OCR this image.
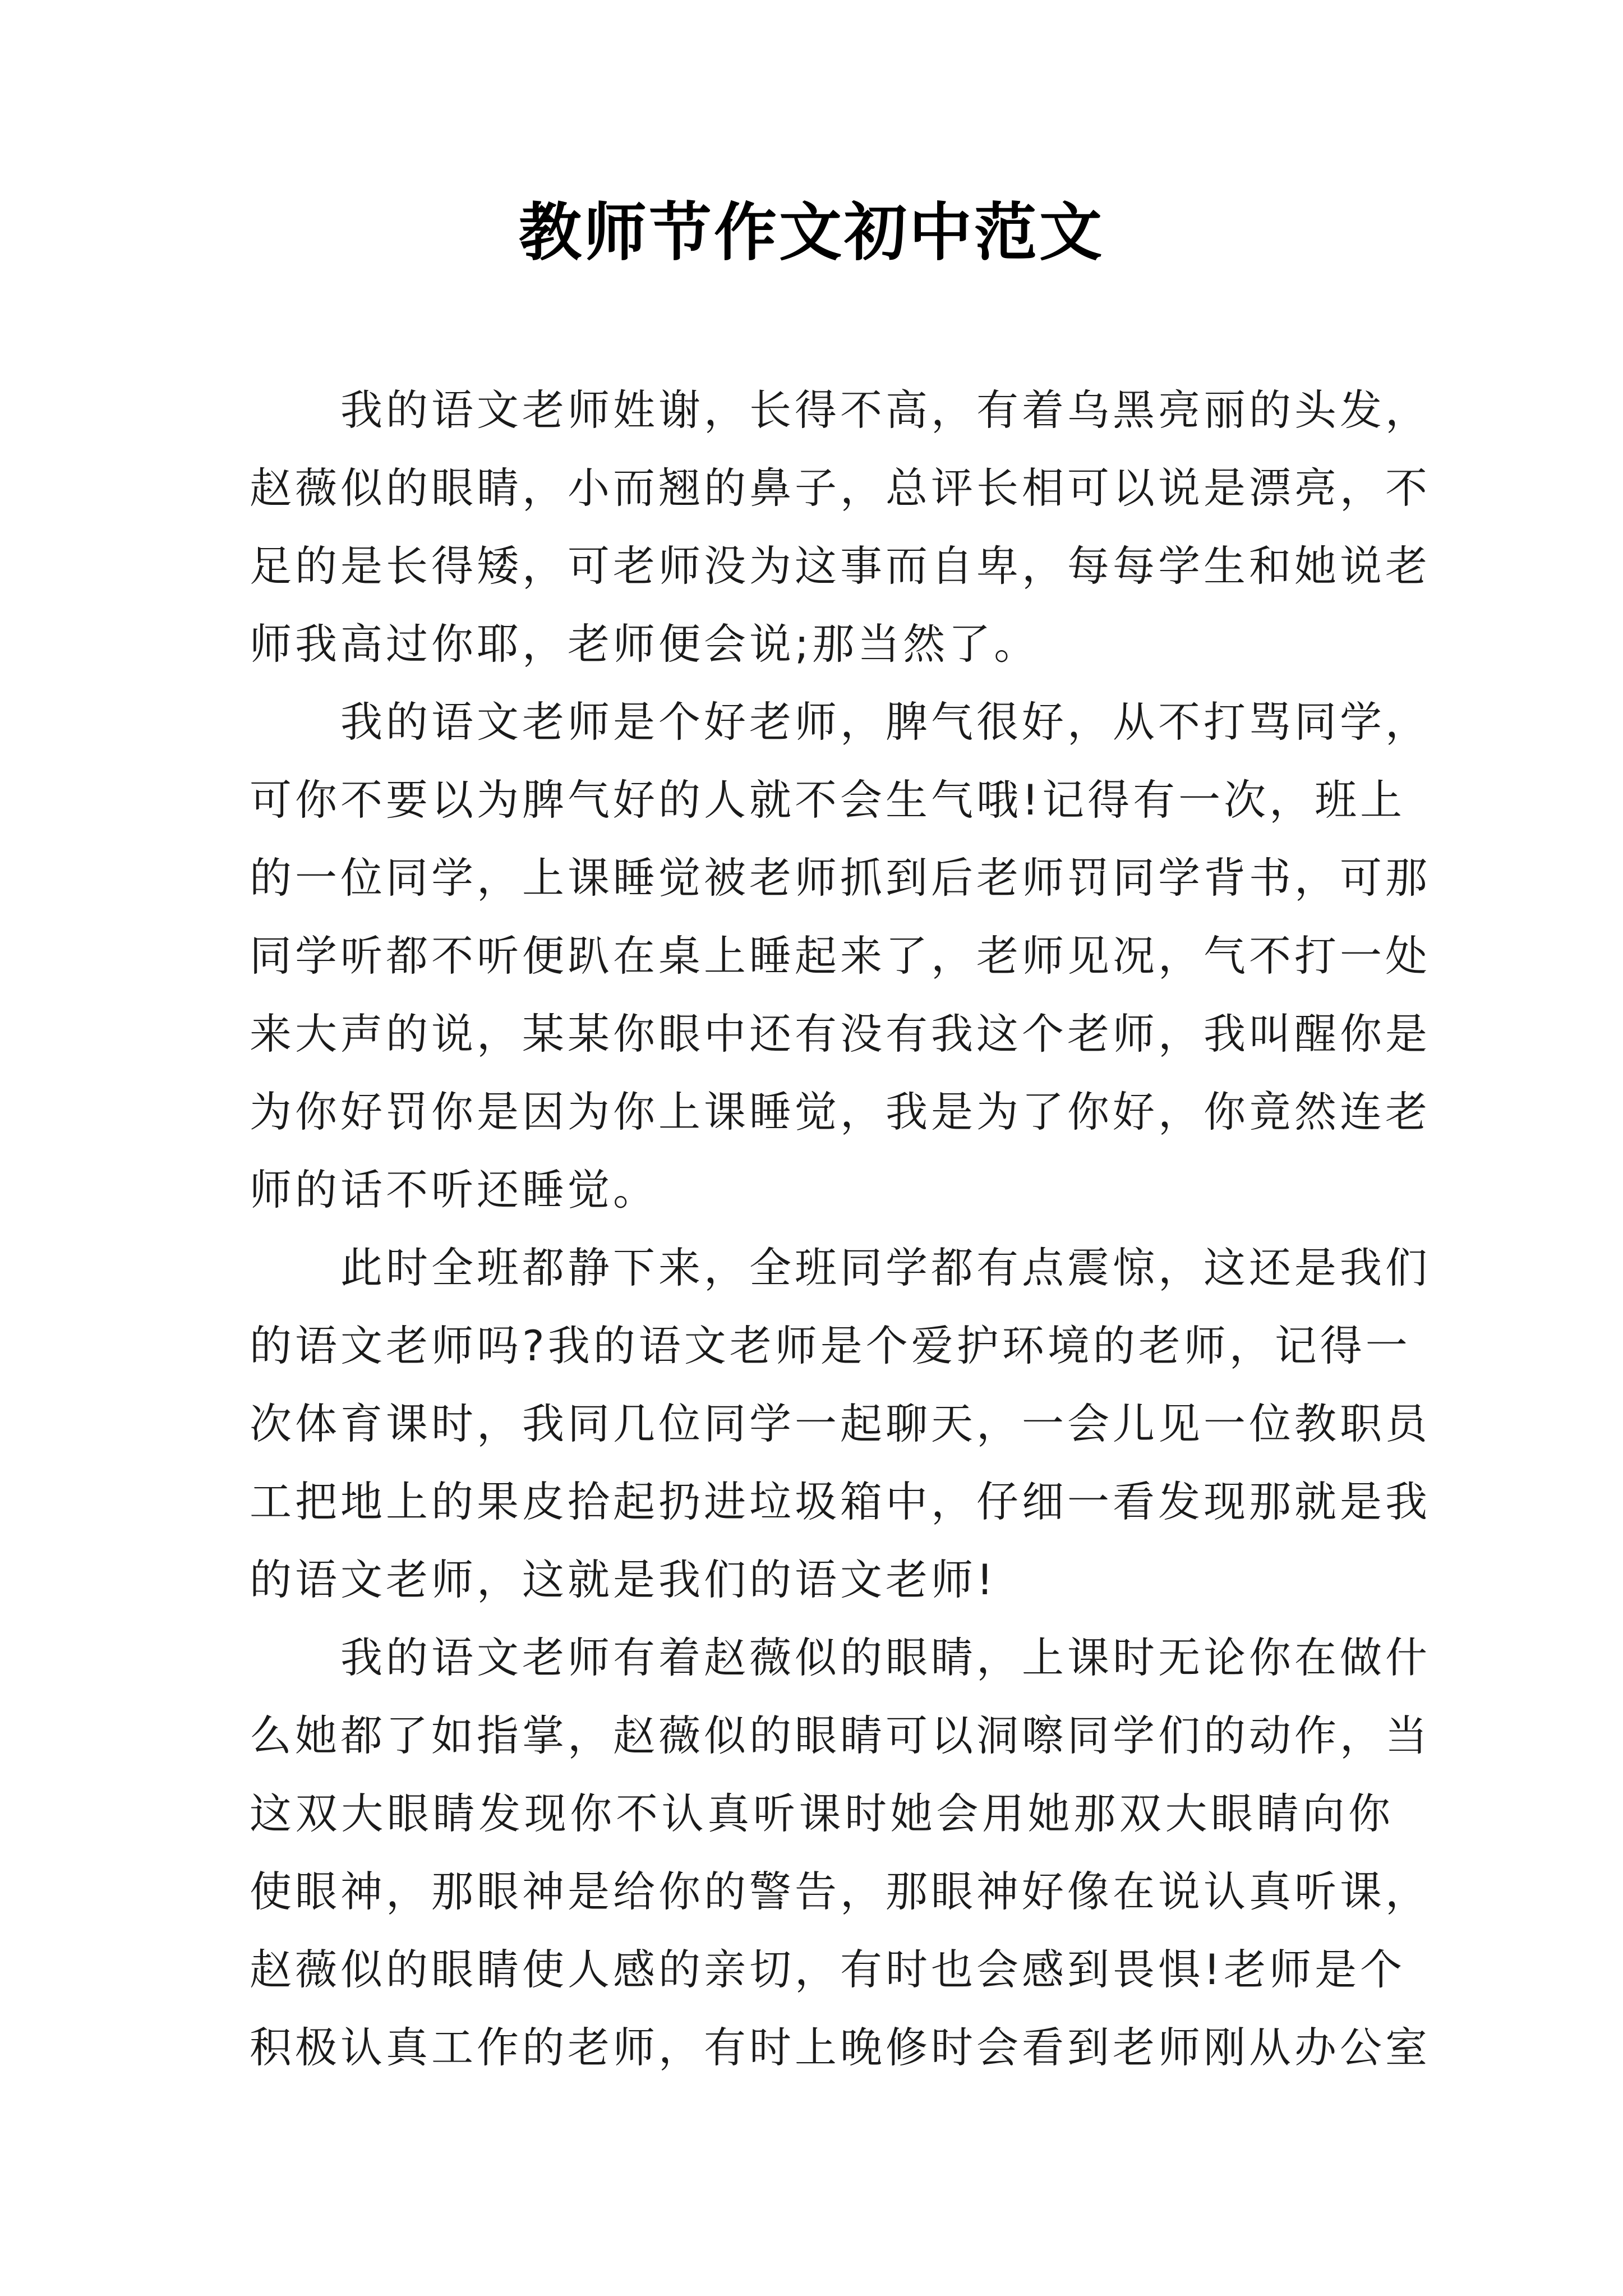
教师节作文初中范文
我的语文老师姓谢，长得不高，有着乌黑亮丽的头发，
赵薇似的眼睛，小而翘的鼻子，总评长相可以说是漂亮，不
足的是长得矮，可老师没为这事而自卑，每每学生和她说老
师我高过你耶，老师便会说;那当然了。
我的语文老师是个好老师，脾气很好，从不打骂同学，
可你不要以为脾气好的人就不会生气哦!记得有一次，班上
的一位同学，上课睡觉被老师抓到后老师罚同学背书，可那
同学听都不听便趴在桌上睡起来了，老师见况，气不打一处
来大声的说，某某你眼中还有没有我这个老师，我叫醒你是
为你好罚你是因为你上课睡觉，我是为了你好，你竟然连老
师的话不听还睡觉。
此时全班都静下来，全班同学都有点震惊，这还是我们
的语文老师吗?我的语文老师是个爱护环境的老师，记得一
次体育课时，我同几位同学一起聊天，一会儿见一位教职员
工把地上的果皮拾起扔进垃圾箱中，仔细一看发现那就是我
的语文老师，这就是我们的语文老师!
我的语文老师有着赵薇似的眼睛，上课时无论你在做什
么她都了如指掌，赵薇似的眼睛可以洞嚓同学们的动作，当
这双大眼睛发现你不认真听课时她会用她那双大眼睛向你
使眼神，那眼神是给你的警告，那眼神好像在说认真听课，
赵薇似的眼睛使人感的亲切，有时也会感到畏惧!老师是个
积极认真工作的老师，有时上晚修时会看到老师刚从办公室
